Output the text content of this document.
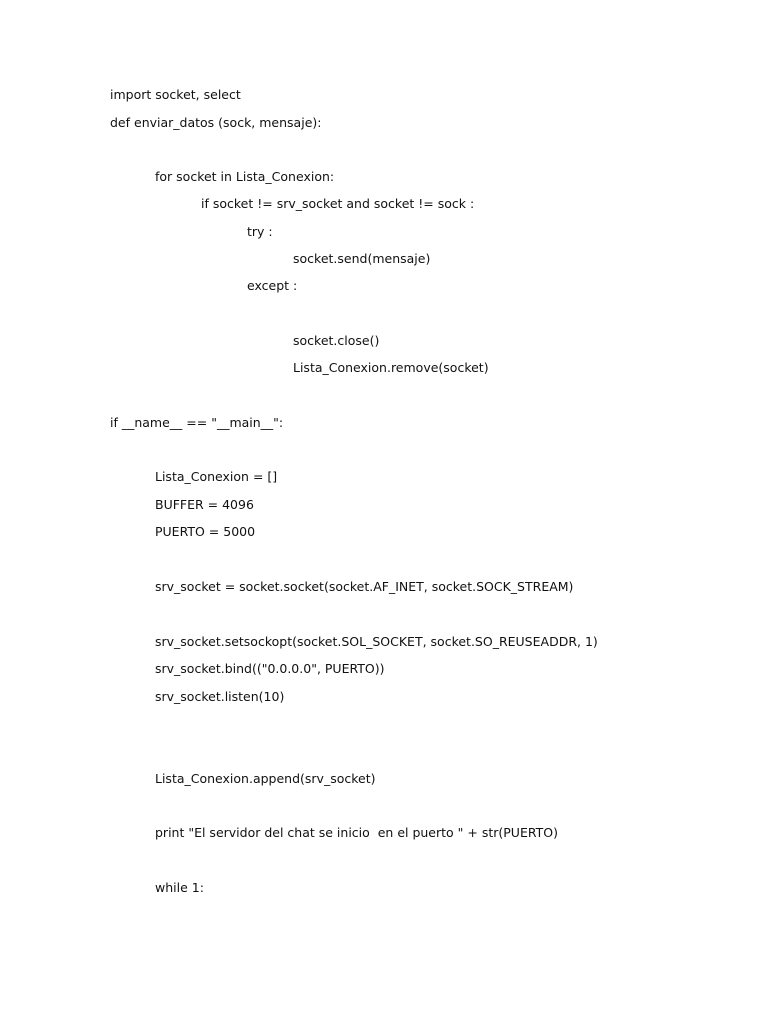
import socket, select
def enviar_datos (sock, mensaje):
for socket in Lista_Conexion:
if socket != srv_socket and socket != sock :
try :
socket.send(mensaje)
except :
socket.close()
Lista_Conexion.remove(socket)
if __name__ == "__main__":
Lista_Conexion = []
BUFFER = 4096
PUERTO = 5000
srv_socket = socket.socket(socket.AF_INET, socket.SOCK_STREAM)
srv_socket.setsockopt(socket.SOL_SOCKET, socket.SO_REUSEADDR, 1)
srv_socket.bind(("0.0.0.0", PUERTO))
srv_socket.listen(10)
Lista_Conexion.append(srv_socket)
print "El servidor del chat se inicio  en el puerto " + str(PUERTO)
while 1:
